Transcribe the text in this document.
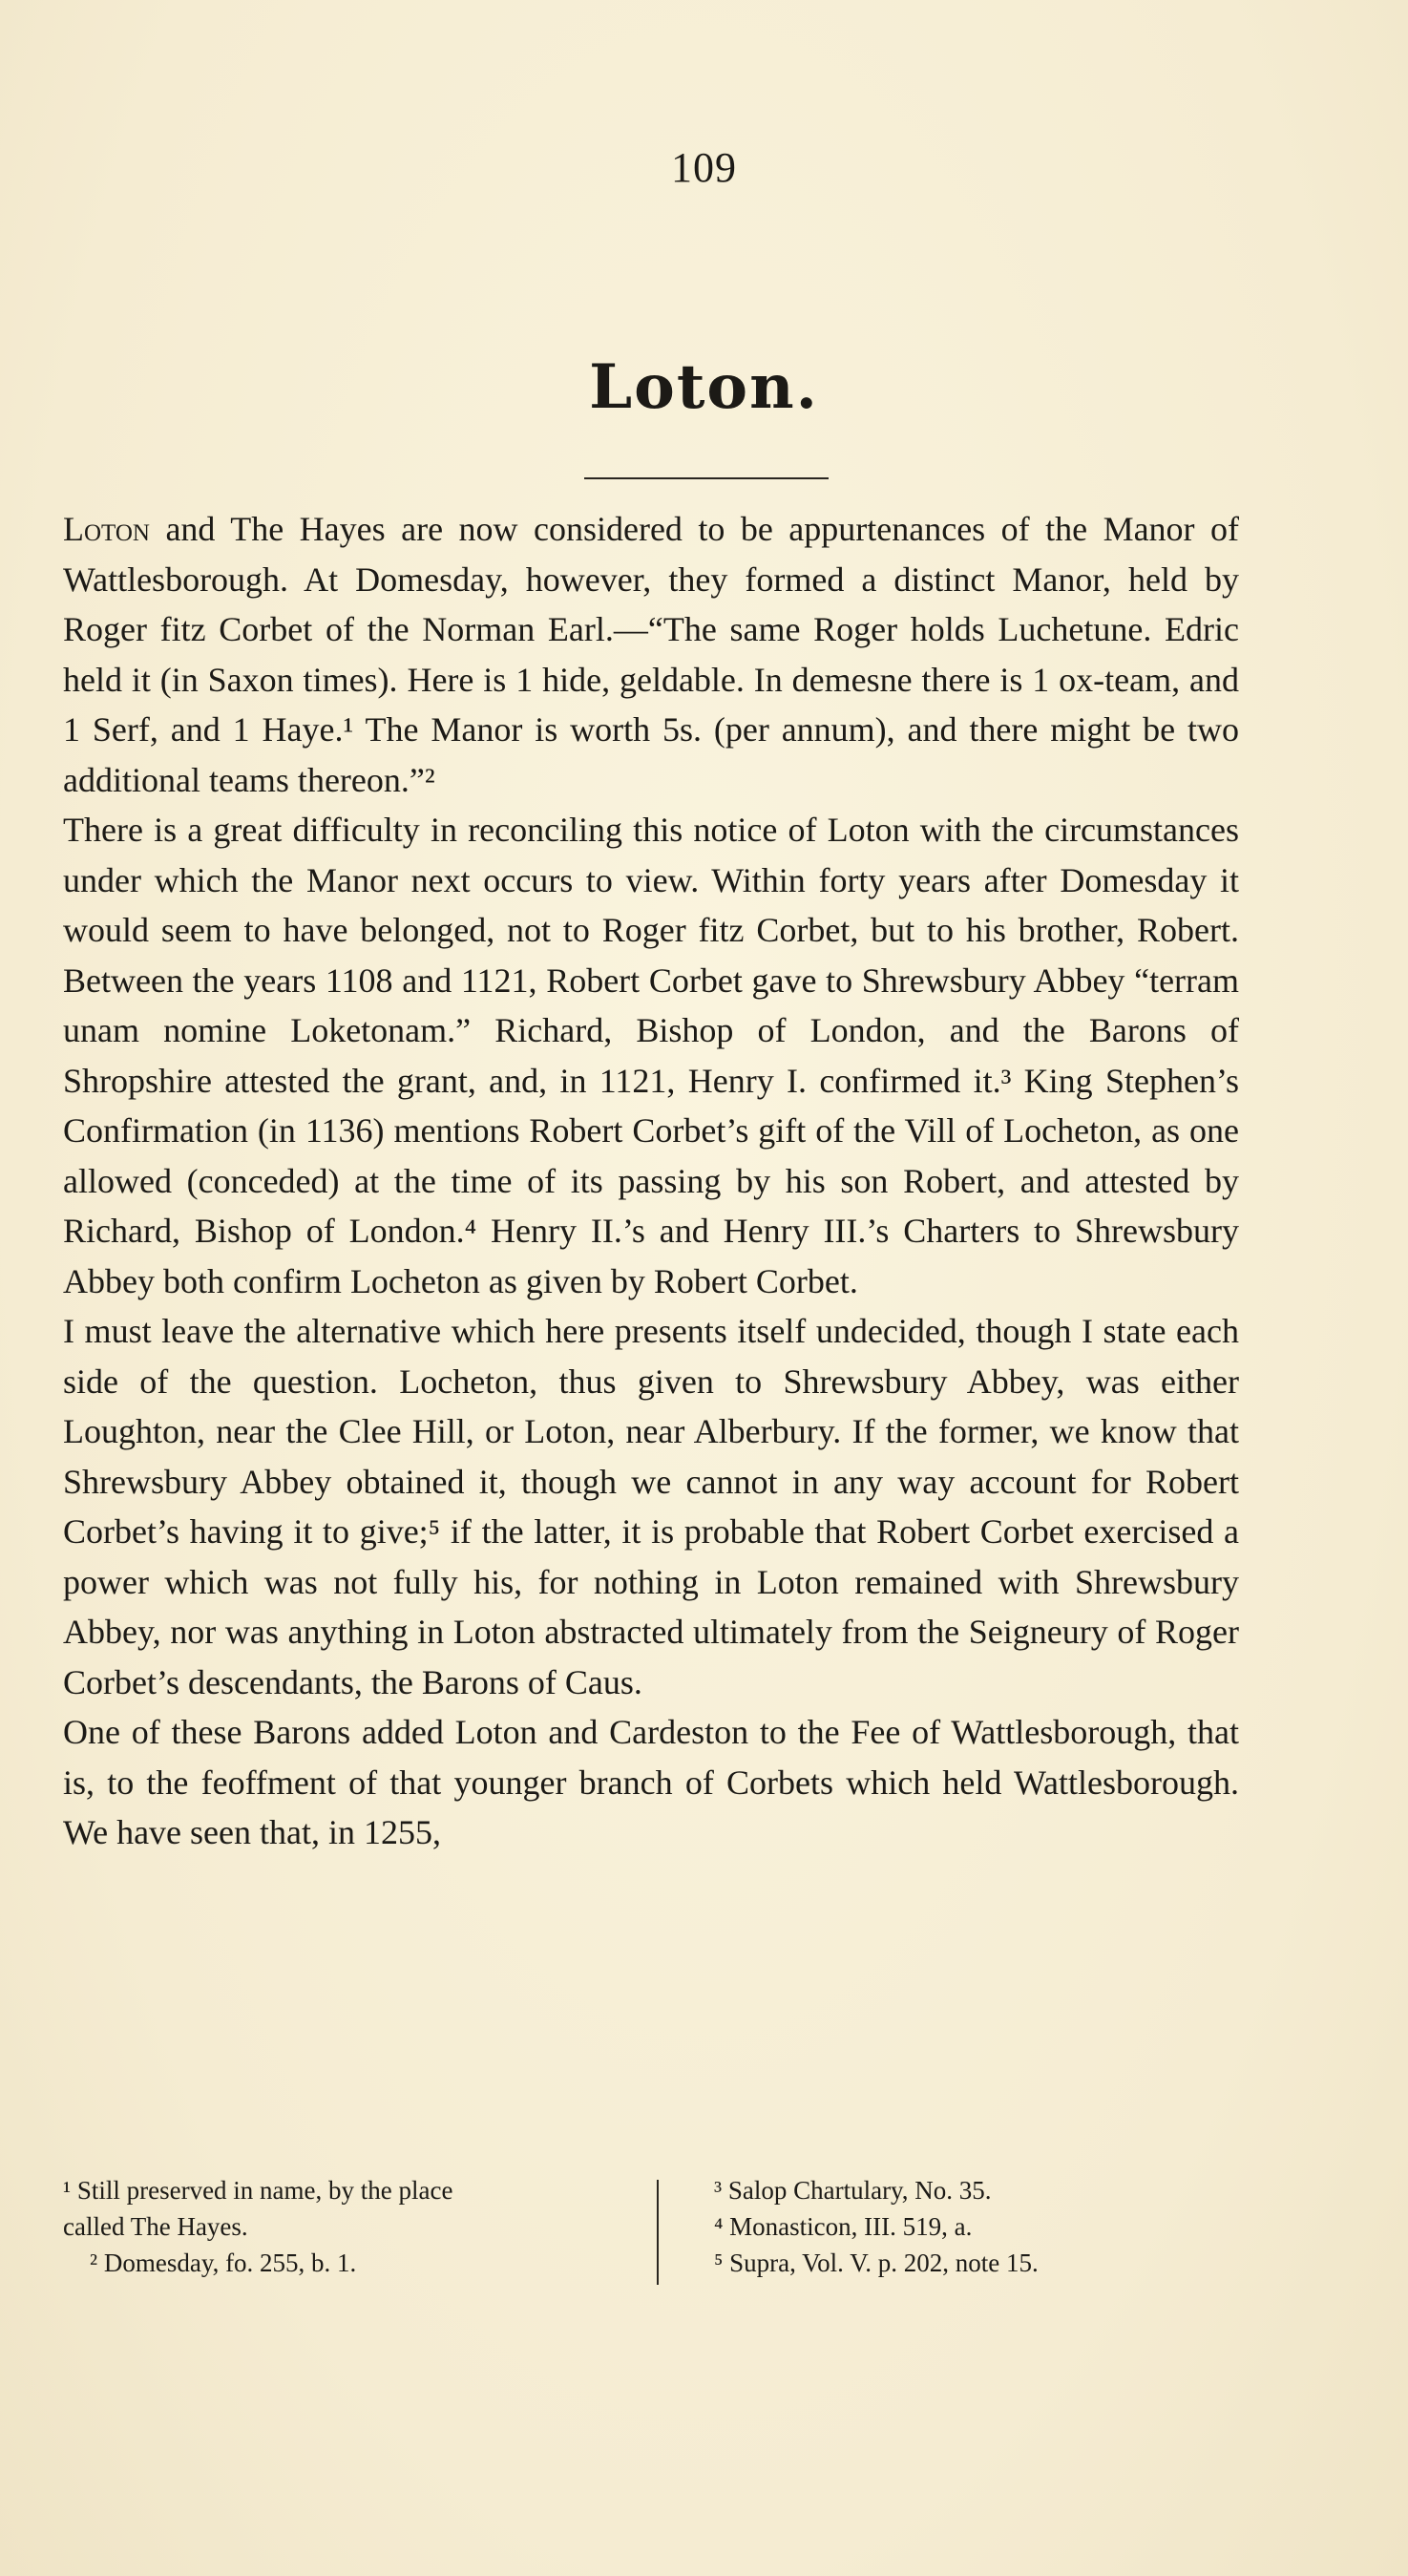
109
Loton.

Loton and The Hayes are now considered to be appurtenances of the Manor of Wattlesborough. At Domesday, however, they formed a distinct Manor, held by Roger fitz Corbet of the Norman Earl.—“The same Roger holds Luchetune. Edric held it (in Saxon times). Here is 1 hide, geldable. In demesne there is 1 ox-team, and 1 Serf, and 1 Haye.¹ The Manor is worth 5s. (per annum), and there might be two additional teams thereon.”²

There is a great difficulty in reconciling this notice of Loton with the circumstances under which the Manor next occurs to view. Within forty years after Domesday it would seem to have belonged, not to Roger fitz Corbet, but to his brother, Robert. Between the years 1108 and 1121, Robert Corbet gave to Shrewsbury Abbey “terram unam nomine Loketonam.” Richard, Bishop of London, and the Barons of Shropshire attested the grant, and, in 1121, Henry I. confirmed it.³ King Stephen’s Confirmation (in 1136) mentions Robert Corbet’s gift of the Vill of Locheton, as one allowed (conceded) at the time of its passing by his son Robert, and attested by Richard, Bishop of London.⁴ Henry II.’s and Henry III.’s Charters to Shrewsbury Abbey both confirm Locheton as given by Robert Corbet.

I must leave the alternative which here presents itself undecided, though I state each side of the question. Locheton, thus given to Shrewsbury Abbey, was either Loughton, near the Clee Hill, or Loton, near Alberbury. If the former, we know that Shrewsbury Abbey obtained it, though we cannot in any way account for Robert Corbet’s having it to give;⁵ if the latter, it is probable that Robert Corbet exercised a power which was not fully his, for nothing in Loton remained with Shrewsbury Abbey, nor was anything in Loton abstracted ultimately from the Seigneury of Roger Corbet’s descendants, the Barons of Caus.

One of these Barons added Loton and Cardeston to the Fee of Wattlesborough, that is, to the feoffment of that younger branch of Corbets which held Wattlesborough. We have seen that, in 1255,

¹ Still preserved in name, by the place
called The Hayes.
² Domesday, fo. 255, b. 1.
³ Salop Chartulary, No. 35.
⁴ Monasticon, III. 519, a.
⁵ Supra, Vol. V. p. 202, note 15.
